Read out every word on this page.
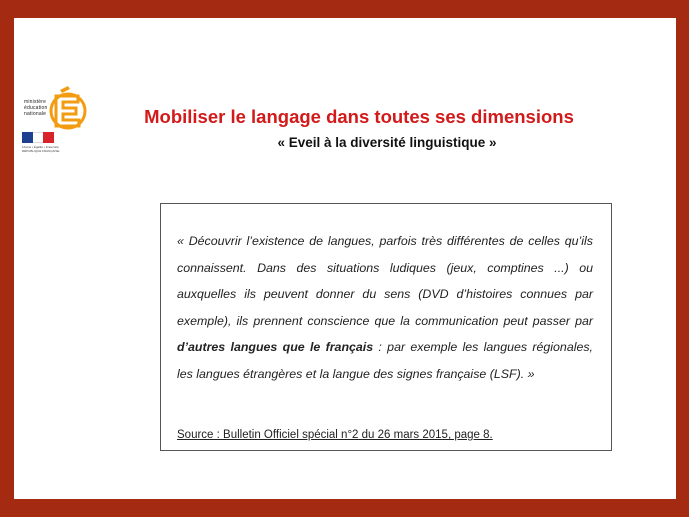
ministère
éducation
nationale
Liberté • Égalité • Fraternité RÉPUBLIQUE FRANÇAISE
Mobiliser le langage dans toutes ses dimensions
« Eveil à la diversité linguistique »

« Découvrir l’existence de langues, parfois très différentes de celles qu’ils connaissent. Dans des situations ludiques (jeux, comptines ...) ou auxquelles ils peuvent donner du sens (DVD d’histoires connues par exemple), ils prennent conscience que la communication peut passer par d’autres langues que le français : par exemple les langues régionales, les langues étrangères et la langue des signes française (LSF). »

Source : Bulletin Officiel spécial n°2 du 26 mars 2015, page 8.
